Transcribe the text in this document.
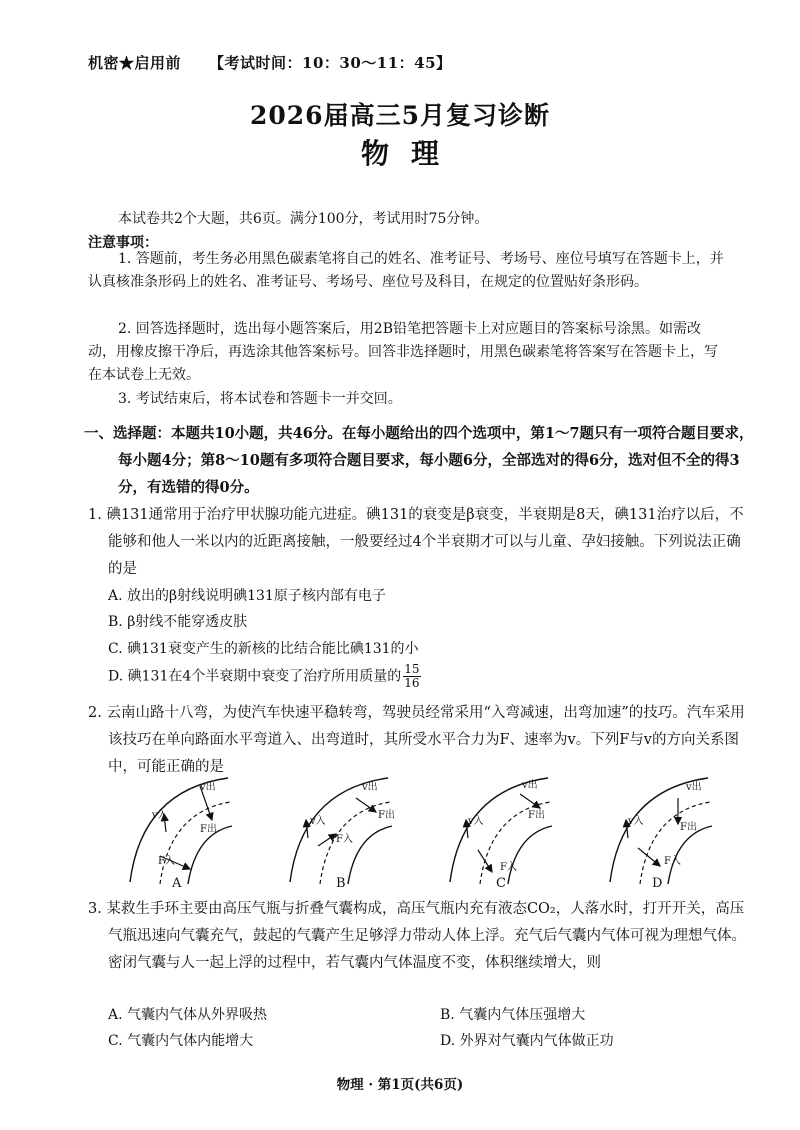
机密★启用前 【考试时间：10：30～11：45】
2026届高三5月复习诊断
物理
本试卷共2个大题，共6页。满分100分，考试用时75分钟。
注意事项：
1. 答题前，考生务必用黑色碳素笔将自己的姓名、准考证号、考场号、座位号填写在答题卡上，并认真核准条形码上的姓名、准考证号、考场号、座位号及科目，在规定的位置贴好条形码。
2. 回答选择题时，选出每小题答案后，用2B铅笔把答题卡上对应题目的答案标号涂黑。如需改动，用橡皮擦干净后，再选涂其他答案标号。回答非选择题时，用黑色碳素笔将答案写在答题卡上，写在本试卷上无效。
3. 考试结束后，将本试卷和答题卡一并交回。
一、选择题：本题共10小题，共46分。在每小题给出的四个选项中，第1～7题只有一项符合题目要求，每小题4分；第8～10题有多项符合题目要求，每小题6分，全部选对的得6分，选对但不全的得3分，有选错的得0分。
1. 碘131通常用于治疗甲状腺功能亢进症。碘131的衰变是β衰变，半衰期是8天，碘131治疗以后，不能够和他人一米以内的近距离接触，一般要经过4个半衰期才可以与儿童、孕妇接触。下列说法正确的是
A. 放出的β射线说明碘131原子核内部有电子
B. β射线不能穿透皮肤
C. 碘131衰变产生的新核的比结合能比碘131的小
D. 碘131在4个半衰期中衰变了治疗所用质量的 $\frac{15}{16}$
2. 云南山路十八弯，为使汽车快速平稳转弯，驾驶员经常采用“入弯减速，出弯加速”的技巧。汽车采用该技巧在单向路面水平弯道入、出弯道时，其所受水平合力为F、速率为v。下列F与v的方向关系图中，可能正确的是
v出
F出
v入
F入
v出
F出
v入
F入
v出
F出
v入
F入
v出
F出
v入
F入
A	B	C	D
3. 某救生手环主要由高压气瓶与折叠气囊构成，高压气瓶内充有液态CO₂，人落水时，打开开关，高压气瓶迅速向气囊充气，鼓起的气囊产生足够浮力带动人体上浮。充气后气囊内气体可视为理想气体。密闭气囊与人一起上浮的过程中，若气囊内气体温度不变，体积继续增大，则
A. 气囊内气体从外界吸热	B. 气囊内气体压强增大
C. 气囊内气体内能增大	D. 外界对气囊内气体做正功
物理 · 第1页(共6页)
